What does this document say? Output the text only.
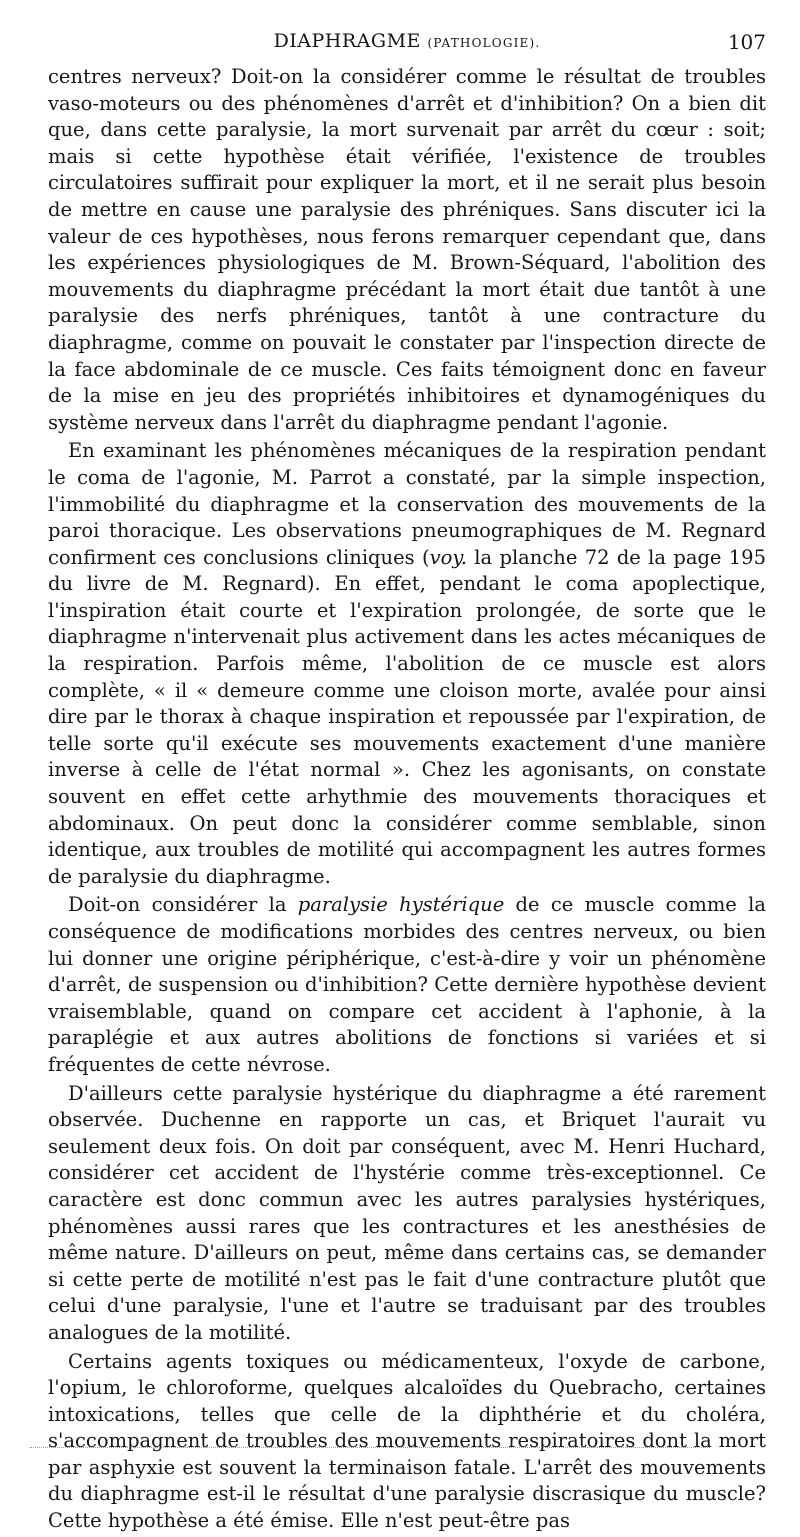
DIAPHRAGME (PATHOLOGIE).	107

centres nerveux? Doit-on la considérer comme le résultat de troubles vaso-moteurs ou des phénomènes d'arrêt et d'inhibition? On a bien dit que, dans cette paralysie, la mort survenait par arrêt du cœur : soit; mais si cette hypothèse était vérifiée, l'existence de troubles circulatoires suffirait pour expliquer la mort, et il ne serait plus besoin de mettre en cause une paralysie des phréniques. Sans discuter ici la valeur de ces hypothèses, nous ferons remarquer cependant que, dans les expériences physiologiques de M. Brown-Séquard, l'abolition des mouvements du diaphragme précédant la mort était due tantôt à une paralysie des nerfs phréniques, tantôt à une contracture du diaphragme, comme on pouvait le constater par l'inspection directe de la face abdominale de ce muscle. Ces faits témoignent donc en faveur de la mise en jeu des propriétés inhibitoires et dynamogéniques du système nerveux dans l'arrêt du diaphragme pendant l'agonie.

En examinant les phénomènes mécaniques de la respiration pendant le coma de l'agonie, M. Parrot a constaté, par la simple inspection, l'immobilité du diaphragme et la conservation des mouvements de la paroi thoracique. Les observations pneumographiques de M. Regnard confirment ces conclusions cliniques (voy. la planche 72 de la page 195 du livre de M. Regnard). En effet, pendant le coma apoplectique, l'inspiration était courte et l'expiration prolongée, de sorte que le diaphragme n'intervenait plus activement dans les actes mécaniques de la respiration. Parfois même, l'abolition de ce muscle est alors complète, « il « demeure comme une cloison morte, avalée pour ainsi dire par le thorax à chaque inspiration et repoussée par l'expiration, de telle sorte qu'il exécute ses mouvements exactement d'une manière inverse à celle de l'état normal ». Chez les agonisants, on constate souvent en effet cette arhythmie des mouvements thoraciques et abdominaux. On peut donc la considérer comme semblable, sinon identique, aux troubles de motilité qui accompagnent les autres formes de paralysie du diaphragme.

Doit-on considérer la paralysie hystérique de ce muscle comme la conséquence de modifications morbides des centres nerveux, ou bien lui donner une origine périphérique, c'est-à-dire y voir un phénomène d'arrêt, de suspension ou d'inhibition? Cette dernière hypothèse devient vraisemblable, quand on compare cet accident à l'aphonie, à la paraplégie et aux autres abolitions de fonctions si variées et si fréquentes de cette névrose.

D'ailleurs cette paralysie hystérique du diaphragme a été rarement observée. Duchenne en rapporte un cas, et Briquet l'aurait vu seulement deux fois. On doit par conséquent, avec M. Henri Huchard, considérer cet accident de l'hystérie comme très-exceptionnel. Ce caractère est donc commun avec les autres paralysies hystériques, phénomènes aussi rares que les contractures et les anesthésies de même nature. D'ailleurs on peut, même dans certains cas, se demander si cette perte de motilité n'est pas le fait d'une contracture plutôt que celui d'une paralysie, l'une et l'autre se traduisant par des troubles analogues de la motilité.

Certains agents toxiques ou médicamenteux, l'oxyde de carbone, l'opium, le chloroforme, quelques alcaloïdes du Quebracho, certaines intoxications, telles que celle de la diphthérie et du choléra, s'accompagnent de troubles des mouvements respiratoires dont la mort par asphyxie est souvent la terminaison fatale. L'arrêt des mouvements du diaphragme est-il le résultat d'une paralysie discrasique du muscle? Cette hypothèse a été émise. Elle n'est peut-être pas
